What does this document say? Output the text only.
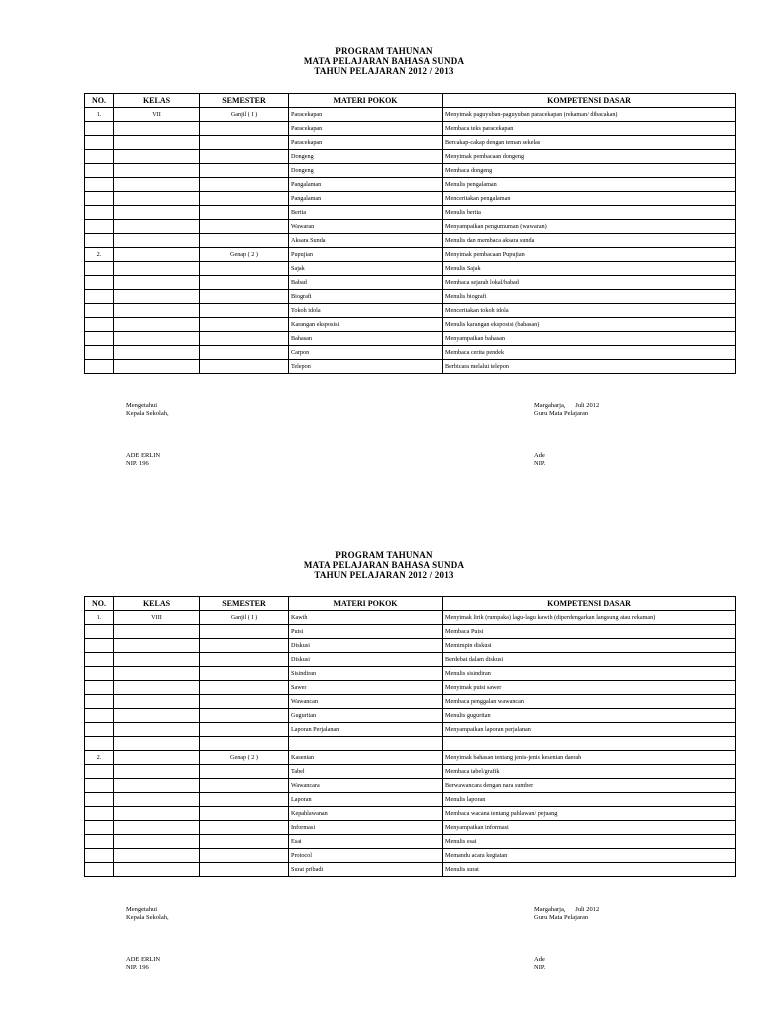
PROGRAM TAHUNAN
MATA PELAJARAN BAHASA SUNDA
TAHUN PELAJARAN 2012 / 2013
NO.	KELAS	SEMESTER	MATERI POKOK	KOMPETENSI DASAR
1.	VII	Ganjil ( I )	Paracekapan	Menyimak paguyuban-paguyuban paracekapan (rekaman/ dibacakan)
			Paracekapan	Membaca teks paracekapan
			Paracekapan	Bercakap-cakap dengan teman sekelas
			Dongeng	Menyimak pembacaan dongeng
			Dongeng	Membaca dongeng
			Pangalaman	Menulis pengalaman
			Pangalaman	Menceritakan pengalaman
			Berita	Menulis berita
			Wawaran	Menyampaikan pengumuman (wawaran)
			Aksara Sunda	Menulis dan membaca aksara sunda
2.		Genap ( 2 )	Pupujian	Menyimak pembacaan Pupujian
			Sajak	Menulis Sajak
			Babad	Membaca sejarah lokal/babad
			Biografi	Menulis biografi
			Tokoh idola	Menceritakan tokoh idola
			Karangan eksposisi	Menulis karangan eksposisi (bahasan)
			Bahasan	Menyampaikan bahasan
			Carpon	Membaca cerita pendek
			Telepon	Berbicara melalui telepon
Mengetahui
Kepala Sekolah,
ADE ERLIN
NIP. 196
Margaharja,      Juli 2012
Guru Mata Pelajaran
Ade
NIP.
PROGRAM TAHUNAN
MATA PELAJARAN BAHASA SUNDA
TAHUN PELAJARAN 2012 / 2013
NO.	KELAS	SEMESTER	MATERI POKOK	KOMPETENSI DASAR
1.	VIII	Ganjil ( I )	Kawih	Menyimak lirik (rumpaka) lagu-lagu kawih (diperdengarkan langsung atau rekaman)
			Puisi	Membaca Puisi
			Diskusi	Memimpin diskusi
			Diskusi	Berdebat dalam diskusi
			Sisindiran	Menulis sisindiran
			Sawer	Menyimak puisi sawer
			Wawancan	Membaca penggalan wawancan
			Guguritan	Menulis guguritan
			Laporan Perjalanan	Menyampaikan laporan perjalanan

2.		Genap ( 2 )	Kasenian	Menyimak bahasan tentang jenis-jenis kesenian daerah
			Tabel	Membaca tabel/grafik
			Wawancara	Berwawancara dengan nara sumber
			Laporan	Menulis laporan
			Kepahlawanan	Membaca wacana tentang pahlawan/ pejuang
			Informasi	Menyampaikan informasi
			Esai	Menulis esai
			Protocol	Memandu acara kegiatan
			Surat pribadi	Menulis surat
Mengetahui
Kepala Sekolah,
ADE ERLIN
NIP. 196
Margaharja,      Juli 2012
Guru Mata Pelajaran
Ade
NIP.
